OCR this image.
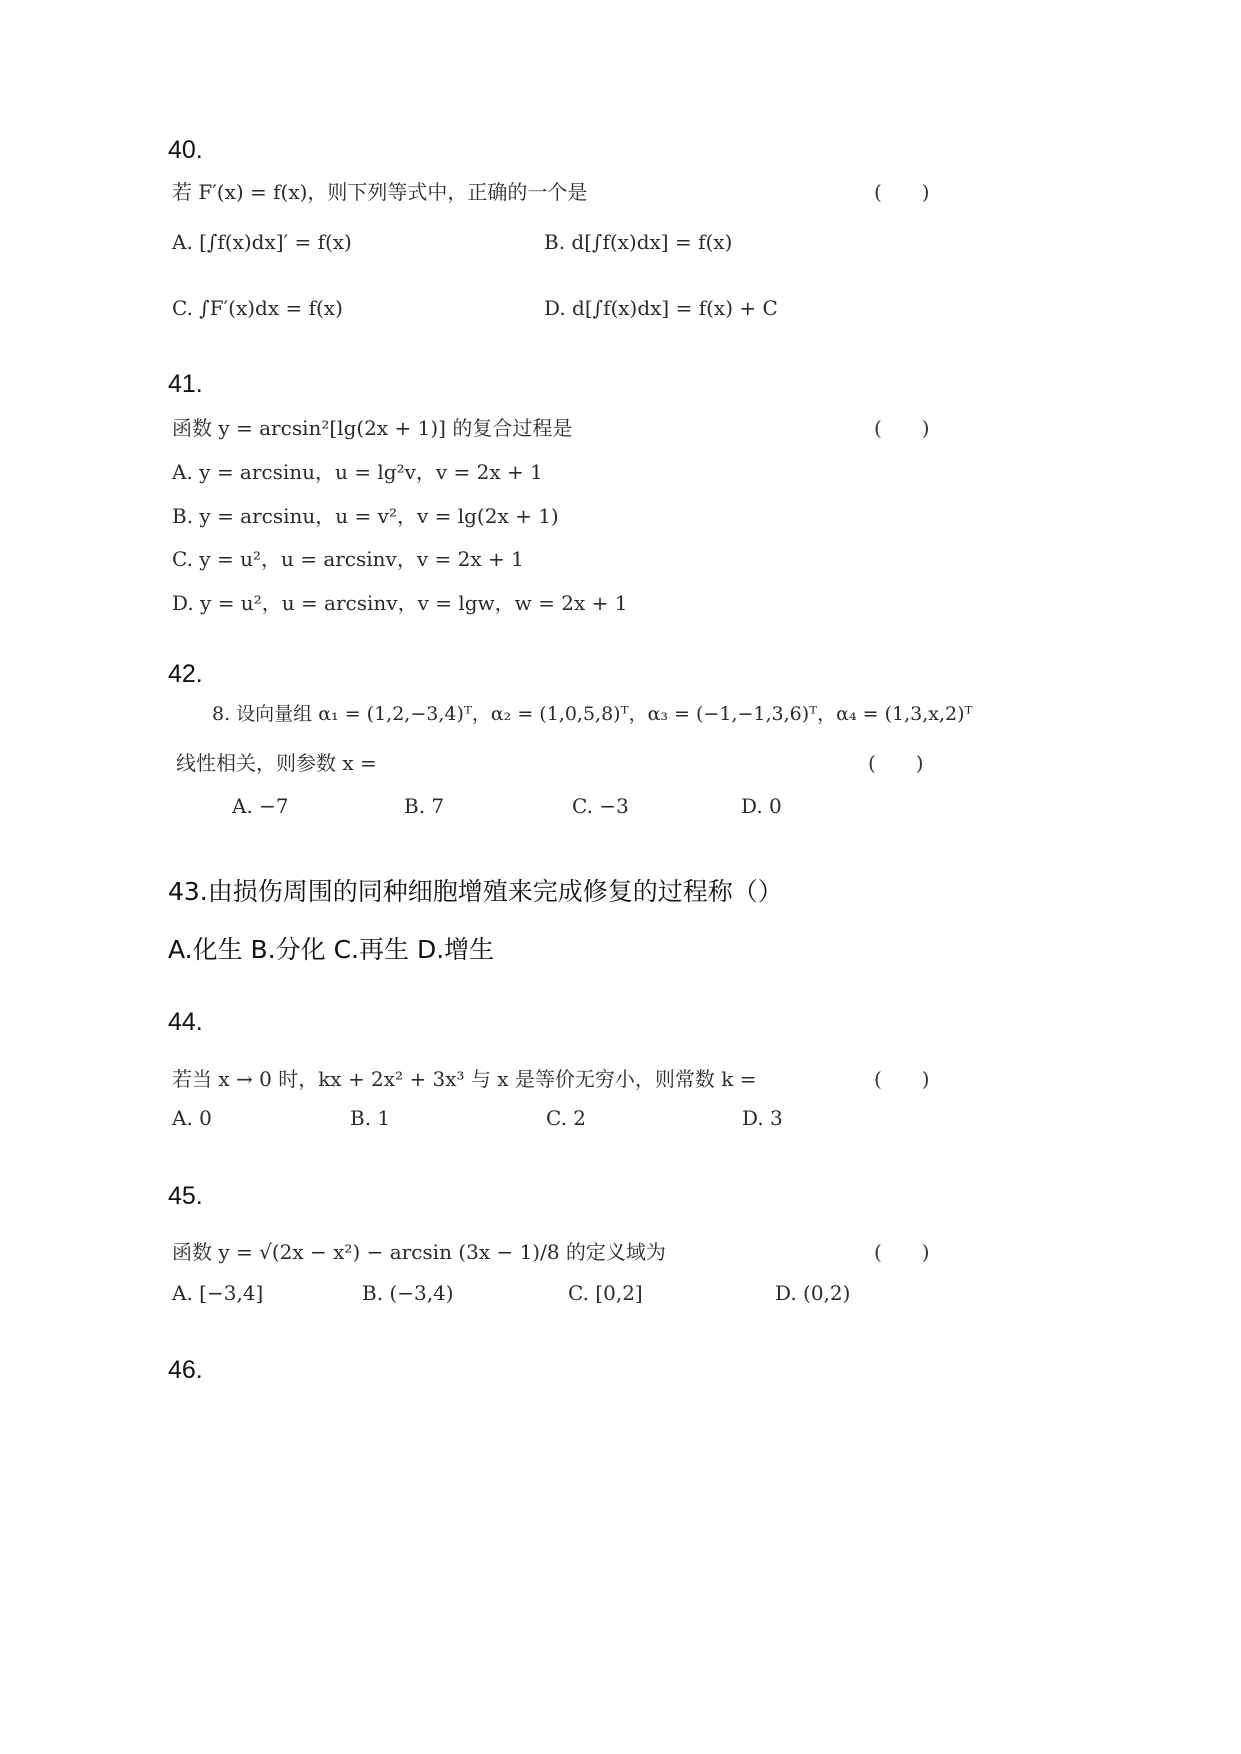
40.
若 F′(x) = f(x)，则下列等式中，正确的一个是	(　　)
A. [∫f(x)dx]′ = f(x)	B. d[∫f(x)dx] = f(x)
C. ∫F′(x)dx = f(x)	D. d[∫f(x)dx] = f(x) + C
41.
函数 y = arcsin²[lg(2x + 1)] 的复合过程是	(　　)
A. y = arcsinu，u = lg²v，v = 2x + 1
B. y = arcsinu，u = v²，v = lg(2x + 1)
C. y = u²，u = arcsinv，v = 2x + 1
D. y = u²，u = arcsinv，v = lgw，w = 2x + 1
42.
8. 设向量组 α₁ = (1,2,−3,4)ᵀ，α₂ = (1,0,5,8)ᵀ，α₃ = (−1,−1,3,6)ᵀ，α₄ = (1,3,x,2)ᵀ
线性相关，则参数 x =	(　　)
A. −7	B. 7	C. −3	D. 0
43.由损伤周围的同种细胞增殖来完成修复的过程称（）
A.化生 B.分化 C.再生 D.增生
44.
若当 x → 0 时，kx + 2x² + 3x³ 与 x 是等价无穷小，则常数 k =	(　　)
A. 0	B. 1	C. 2	D. 3
45.
函数 y = √(2x − x²) − arcsin (3x − 1)/8 的定义域为	(　　)
A. [−3,4]	B. (−3,4)	C. [0,2]	D. (0,2)
46.
